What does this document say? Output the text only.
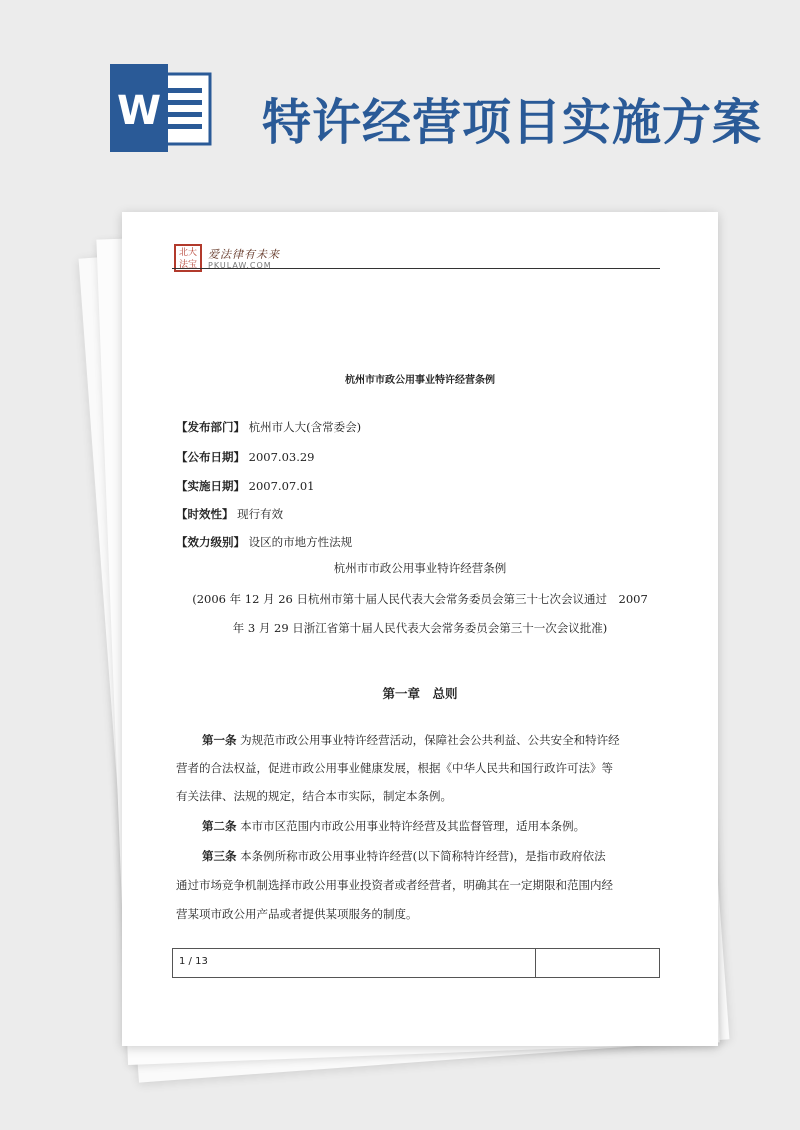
W 特许经营项目实施方案
北大法宝
爱法律有未来
PKULAW.COM
杭州市市政公用事业特许经营条例
【发布部门】 杭州市人大(含常委会)
【公布日期】 2007.03.29
【实施日期】 2007.07.01
【时效性】 现行有效
【效力级别】 设区的市地方性法规
杭州市市政公用事业特许经营条例
(2006 年 12 月 26 日杭州市第十届人民代表大会常务委员会第三十七次会议通过　2007
年 3 月 29 日浙江省第十届人民代表大会常务委员会第三十一次会议批准)
第一章　总则
第一条 为规范市政公用事业特许经营活动，保障社会公共利益、公共安全和特许经
营者的合法权益，促进市政公用事业健康发展，根据《中华人民共和国行政许可法》等
有关法律、法规的规定，结合本市实际，制定本条例。
第二条 本市市区范围内市政公用事业特许经营及其监督管理，适用本条例。
第三条 本条例所称市政公用事业特许经营(以下简称特许经营)，是指市政府依法
通过市场竞争机制选择市政公用事业投资者或者经营者，明确其在一定期限和范围内经
营某项市政公用产品或者提供某项服务的制度。
1 / 13
